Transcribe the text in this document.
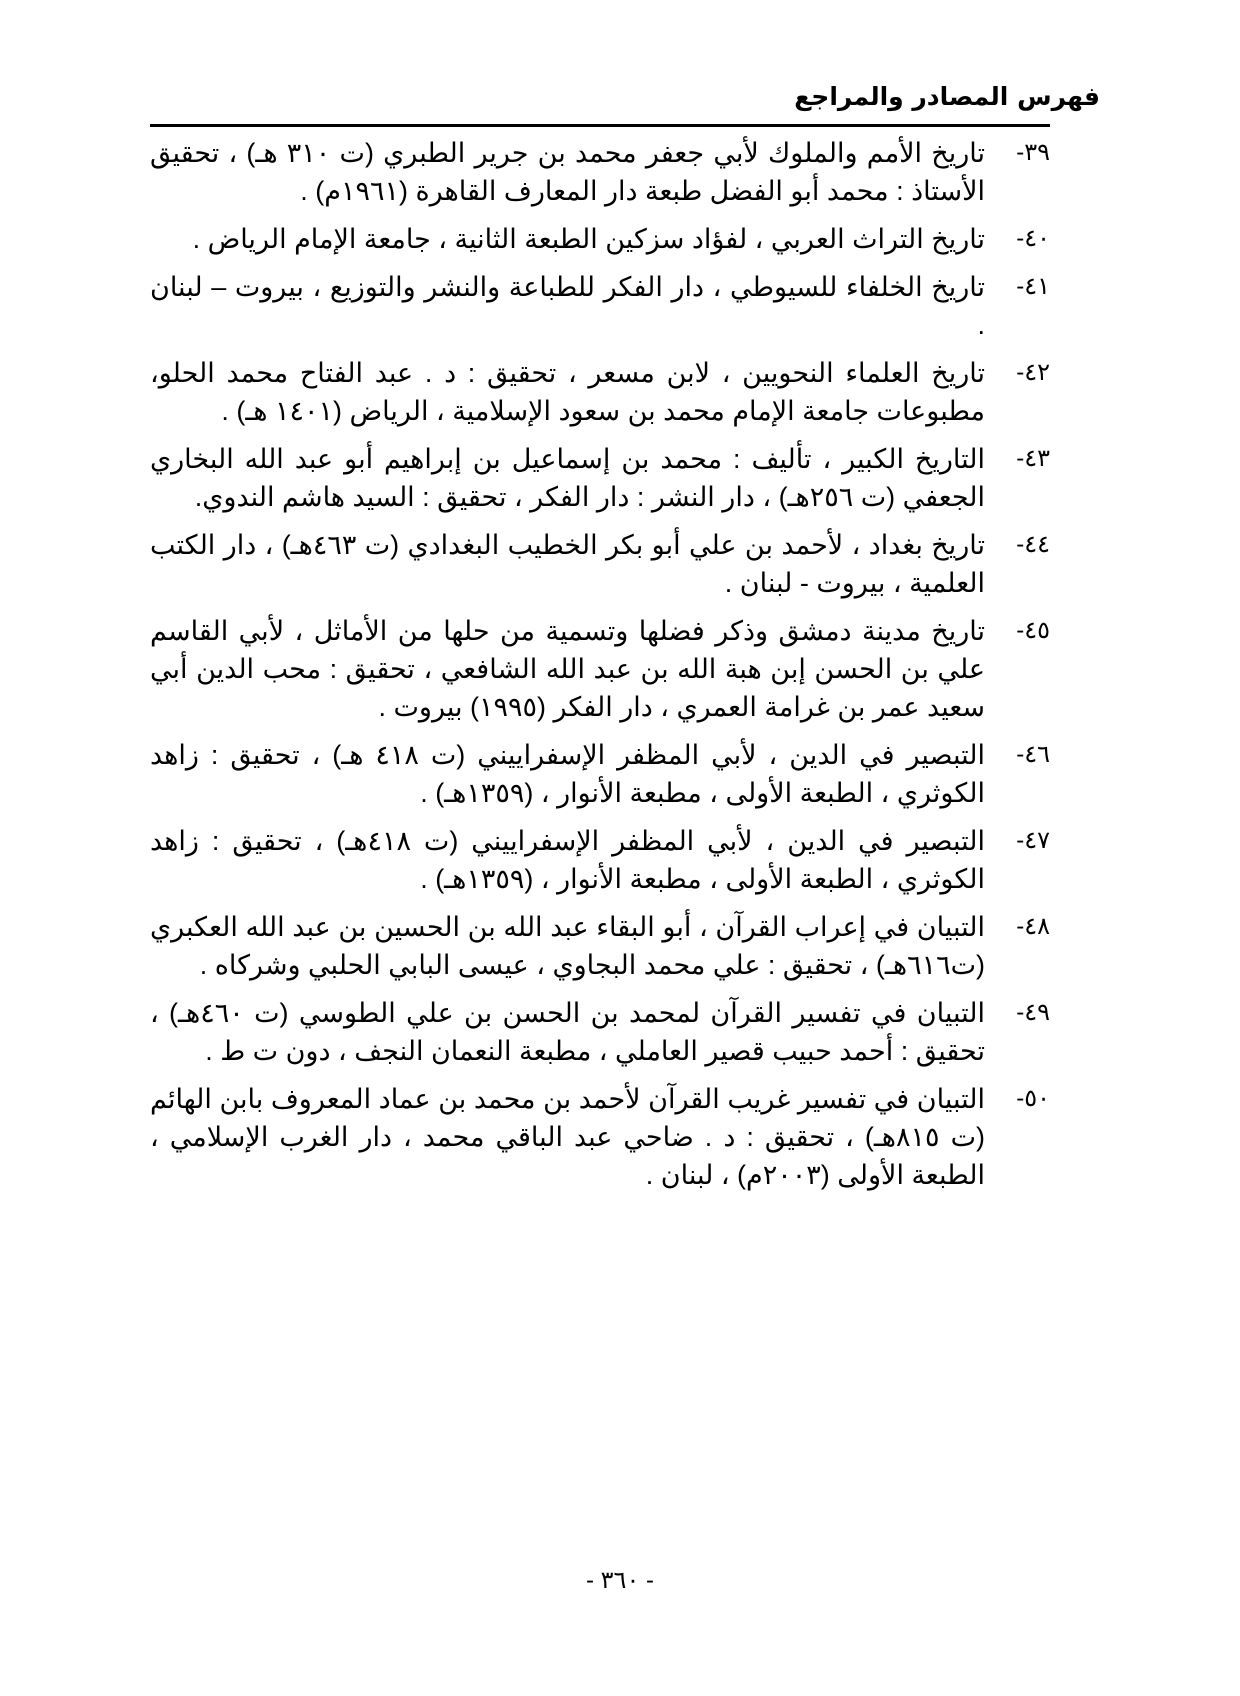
فهرس المصادر والمراجع
٣٩-
تاريخ الأمم والملوك لأبي جعفر محمد بن جرير الطبري (ت ٣١٠ هـ) ، تحقيق الأستاذ : محمد أبو الفضل طبعة دار المعارف القاهرة (١٩٦١م) .
٤٠-
تاريخ التراث العربي ، لفؤاد سزكين الطبعة الثانية ، جامعة الإمام الرياض .
٤١-
تاريخ الخلفاء للسيوطي ، دار الفكر للطباعة والنشر والتوزيع ، بيروت – لبنان .
٤٢-
تاريخ العلماء النحويين ، لابن مسعر ، تحقيق : د . عبد الفتاح محمد الحلو، مطبوعات جامعة الإمام محمد بن سعود الإسلامية ، الرياض (١٤٠١ هـ) .
٤٣-
التاريخ الكبير ، تأليف : محمد بن إسماعيل بن إبراهيم أبو عبد الله البخاري الجعفي (ت ٢٥٦هـ) ، دار النشر : دار الفكر ، تحقيق : السيد هاشم الندوي.
٤٤-
تاريخ بغداد ، لأحمد بن علي أبو بكر الخطيب البغدادي (ت ٤٦٣هـ) ، دار الكتب العلمية ، بيروت - لبنان .
٤٥-
تاريخ مدينة دمشق وذكر فضلها وتسمية من حلها من الأماثل ، لأبي القاسم علي بن الحسن إبن هبة الله بن عبد الله الشافعي ، تحقيق : محب الدين أبي سعيد عمر بن غرامة العمري ، دار الفكر (١٩٩٥) بيروت .
٤٦-
التبصير في الدين ، لأبي المظفر الإسفراييني (ت ٤١٨ هـ) ، تحقيق : زاهد الكوثري ، الطبعة الأولى ، مطبعة الأنوار ، (١٣٥٩هـ) .
٤٧-
التبصير في الدين ، لأبي المظفر الإسفراييني (ت ٤١٨هـ) ، تحقيق : زاهد الكوثري ، الطبعة الأولى ، مطبعة الأنوار ، (١٣٥٩هـ) .
٤٨-
التبيان في إعراب القرآن ، أبو البقاء عبد الله بن الحسين بن عبد الله العكبري (ت٦١٦هـ) ، تحقيق : علي محمد البجاوي ، عيسى البابي الحلبي وشركاه .
٤٩-
التبيان في تفسير القرآن لمحمد بن الحسن بن علي الطوسي (ت ٤٦٠هـ) ، تحقيق : أحمد حبيب قصير العاملي ، مطبعة النعمان النجف ، دون ت ط .
٥٠-
التبيان في تفسير غريب القرآن لأحمد بن محمد بن عماد المعروف بابن الهائم (ت ٨١٥هـ) ، تحقيق : د . ضاحي عبد الباقي محمد ، دار الغرب الإسلامي ، الطبعة الأولى (٢٠٠٣م) ، لبنان .
- ٣٦٠ -
